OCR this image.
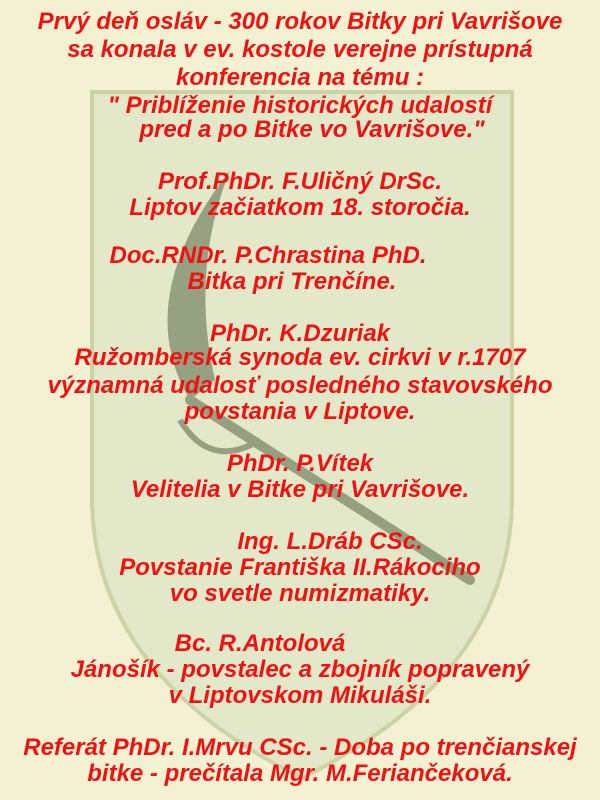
Prvý deň osláv - 300 rokov Bitky pri Vavrišove
sa konala v ev. kostole verejne prístupná
konferencia na tému :
" Priblíženie historických udalostí
pred a po Bitke vo Vavrišove."
Prof.PhDr. F.Uličný DrSc.
Liptov začiatkom 18. storočia.
Doc.RNDr. P.Chrastina PhD.
Bitka pri Trenčíne.
PhDr. K.Dzuriak
Ružomberská synoda ev. cirkvi v r.1707
významná udalosť posledného stavovského
povstania v Liptove.
PhDr. P.Vítek
Velitelia v Bitke pri Vavrišove.
Ing. L.Dráb CSc.
Povstanie Františka II.Rákociho
vo svetle numizmatiky.
Bc. R.Antolová
Jánošík - povstalec a zbojník popravený
v Liptovskom Mikuláši.
Referát PhDr. I.Mrvu CSc. - Doba po trenčianskej
bitke - prečítala Mgr. M.Feriančeková.
